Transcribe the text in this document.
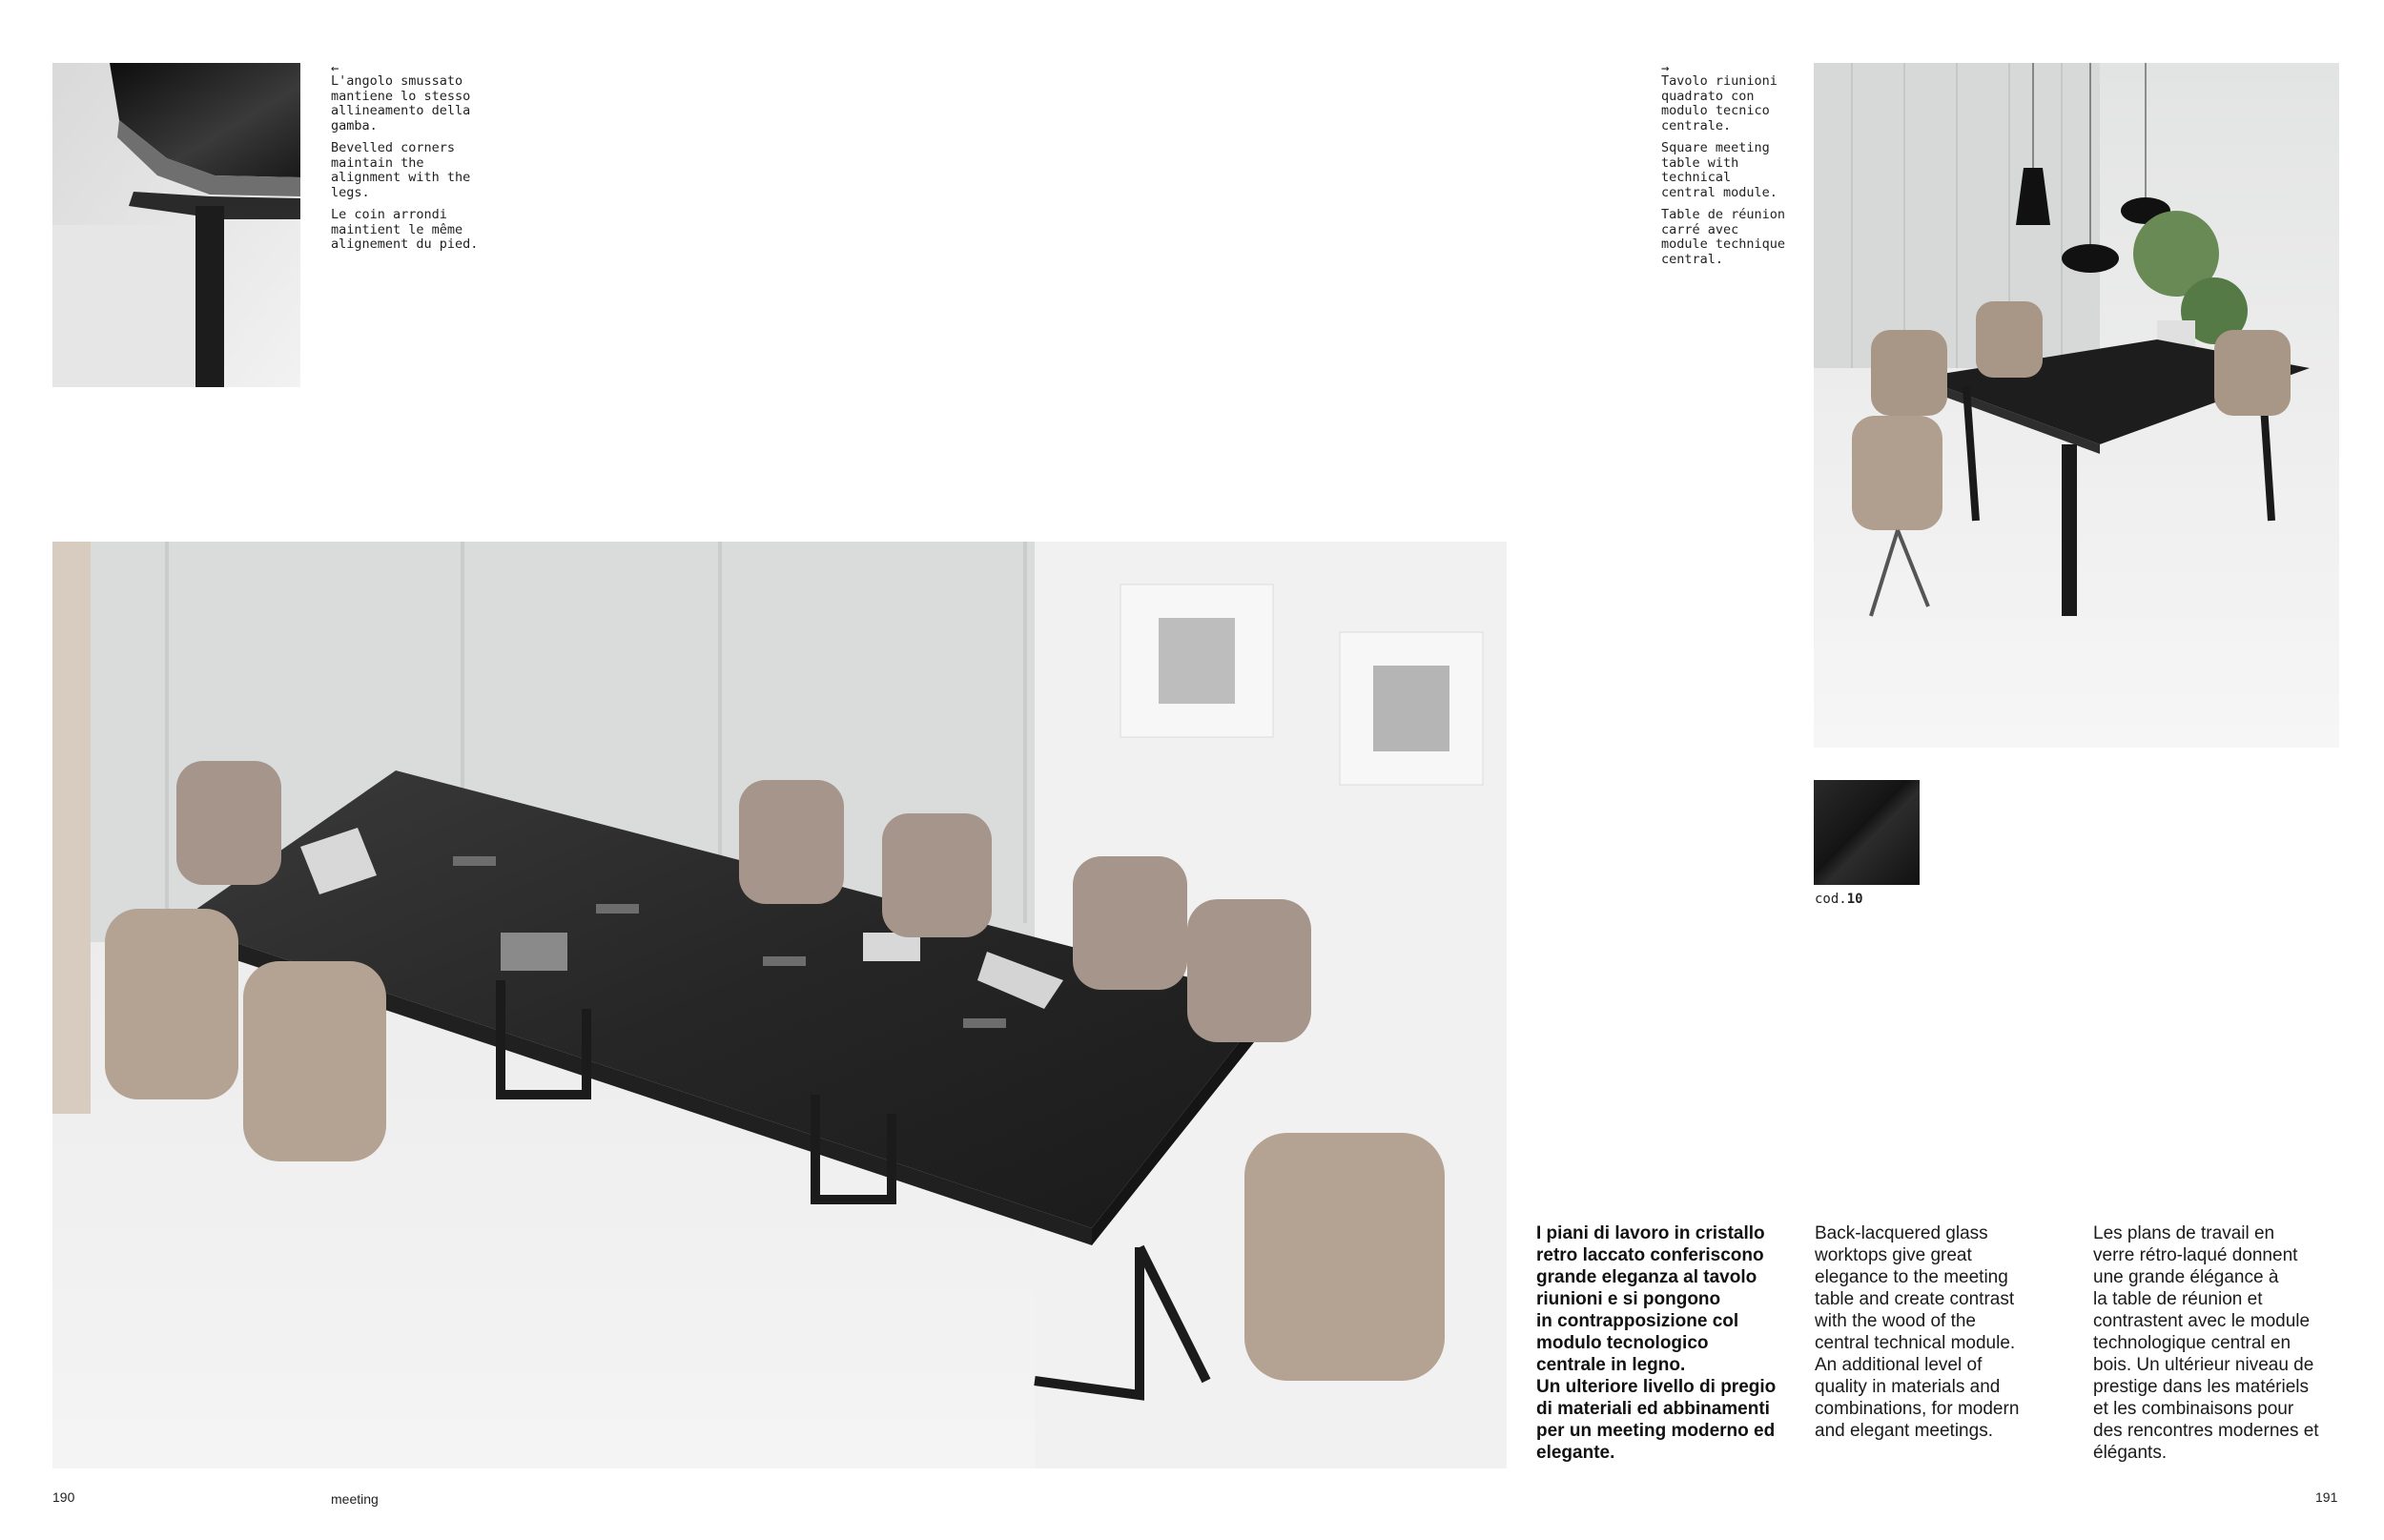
←

L'angolo smussato
mantiene lo stesso
allineamento della
gamba.

Bevelled corners
maintain the
alignment with the
legs.

Le coin arrondi
maintient le même
alignement du pied.

→

Tavolo riunioni
quadrato con
modulo tecnico
centrale.

Square meeting
table with
technical
central module.

Table de réunion
carré avec
module technique
central.

cod.10

I piani di lavoro in cristallo
retro laccato conferiscono
grande eleganza al tavolo
riunioni e si pongono
in contrapposizione col
modulo tecnologico
centrale in legno.
Un ulteriore livello di pregio
di materiali ed abbinamenti
per un meeting moderno ed
elegante.

Back-lacquered glass
worktops give great
elegance to the meeting
table and create contrast
with the wood of the
central technical module.
An additional level of
quality in materials and
combinations, for modern
and elegant meetings.

Les plans de travail en
verre rétro-laqué donnent
une grande élégance à
la table de réunion et
contrastent avec le module
technologique central en
bois. Un ultérieur niveau de
prestige dans les matériels
et les combinaisons pour
des rencontres modernes et
élégants.

190	meeting	191
